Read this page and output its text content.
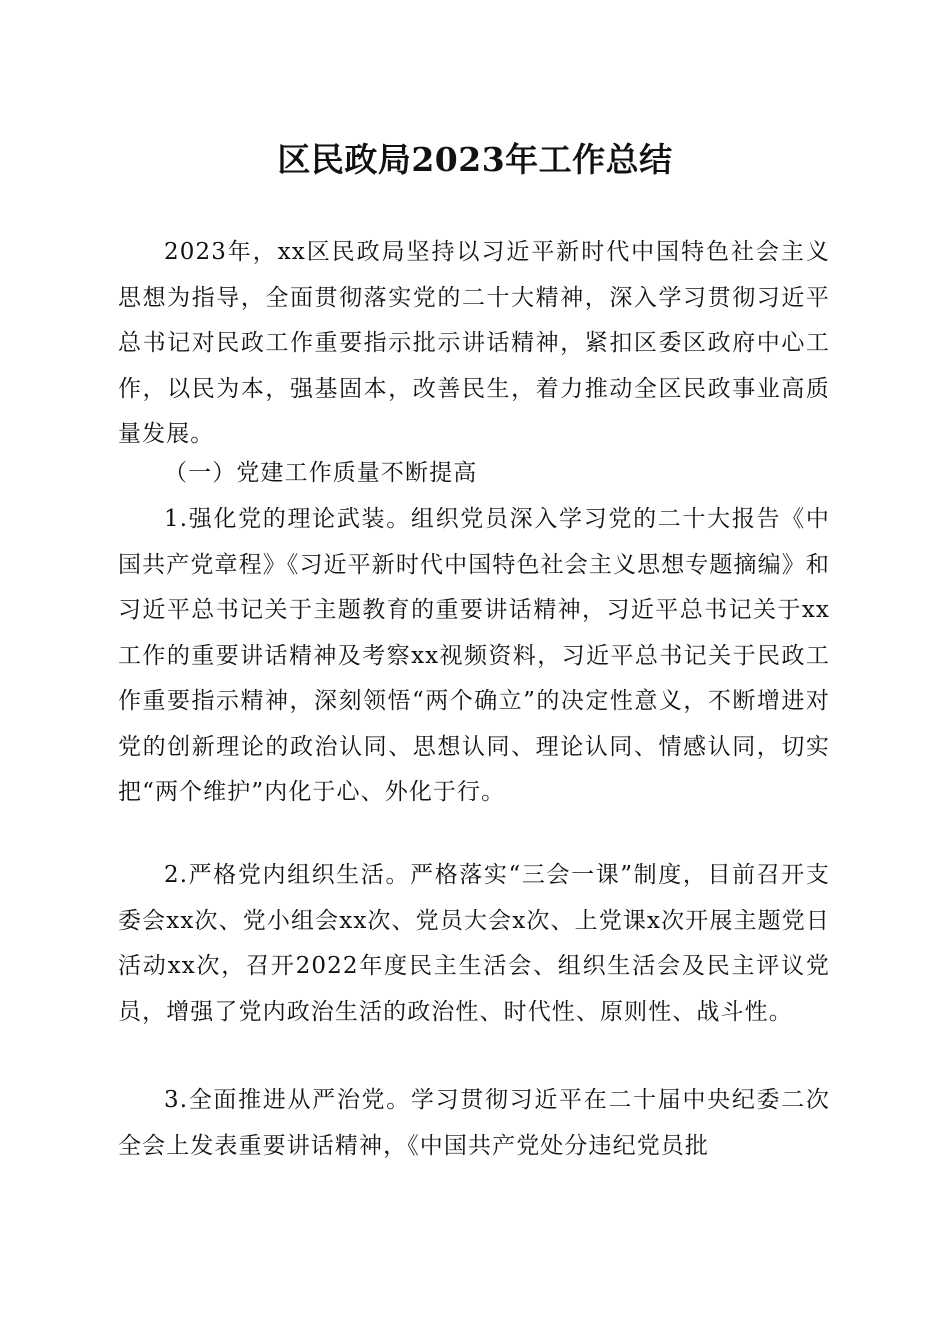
区民政局2023年工作总结

2023年，xx区民政局坚持以习近平新时代中国特色社会主义思想为指导，全面贯彻落实党的二十大精神，深入学习贯彻习近平总书记对民政工作重要指示批示讲话精神，紧扣区委区政府中心工作，以民为本，强基固本，改善民生，着力推动全区民政事业高质量发展。

（一）党建工作质量不断提高

1.强化党的理论武装。组织党员深入学习党的二十大报告《中国共产党章程》《习近平新时代中国特色社会主义思想专题摘编》和习近平总书记关于主题教育的重要讲话精神，习近平总书记关于xx工作的重要讲话精神及考察xx视频资料，习近平总书记关于民政工作重要指示精神，深刻领悟“两个确立”的决定性意义，不断增进对党的创新理论的政治认同、思想认同、理论认同、情感认同，切实把“两个维护”内化于心、外化于行。

2.严格党内组织生活。严格落实“三会一课”制度，目前召开支委会xx次、党小组会xx次、党员大会x次、上党课x次开展主题党日活动xx次，召开2022年度民主生活会、组织生活会及民主评议党员，增强了党内政治生活的政治性、时代性、原则性、战斗性。

3.全面推进从严治党。学习贯彻习近平在二十届中央纪委二次全会上发表重要讲话精神，《中国共产党处分违纪党员批
